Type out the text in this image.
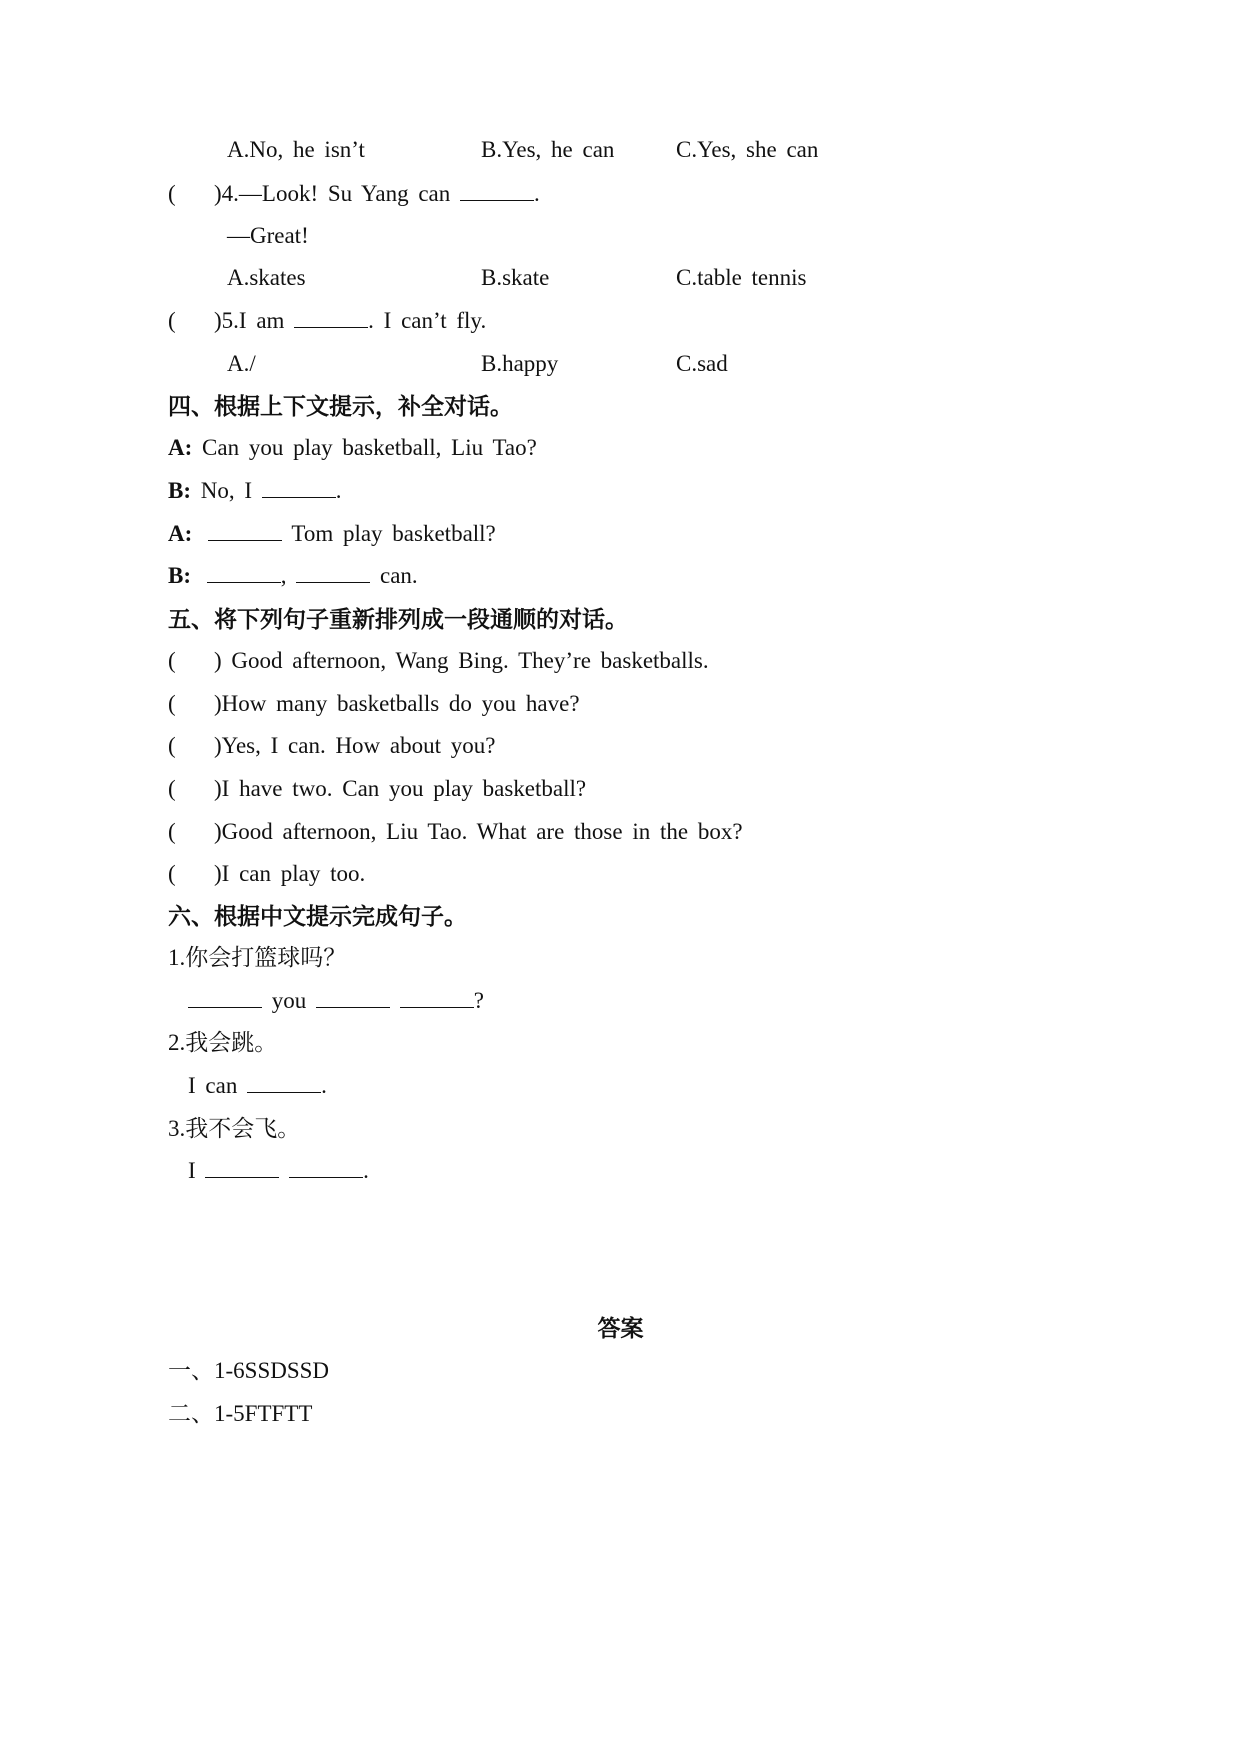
A.No, he isn’t	B.Yes, he can	C.Yes, she can
( )4.—Look! Su Yang can	.
—Great!
A.skates	B.skate	C.table tennis
( )5.I am	. I can’t fly.
A./	B.happy	C.sad
四、根据上下文提示，补全对话。
A: Can you play basketball, Liu Tao?
B: No, I	.
A:	Tom play basketball?
B:	,	can.
五、将下列句子重新排列成一段通顺的对话。
( ) Good afternoon, Wang Bing. They’re basketballs.
( )How many basketballs do you have?
( )Yes, I can. How about you?
( )I have two. Can you play basketball?
( )Good afternoon, Liu Tao. What are those in the box?
( )I can play too.
六、根据中文提示完成句子。
1.你会打篮球吗？
you	?
2.我会跳。
I can	.
3.我不会飞。
I	.
答案
一、1-6SSDSSD
二、1-5FTFTT
